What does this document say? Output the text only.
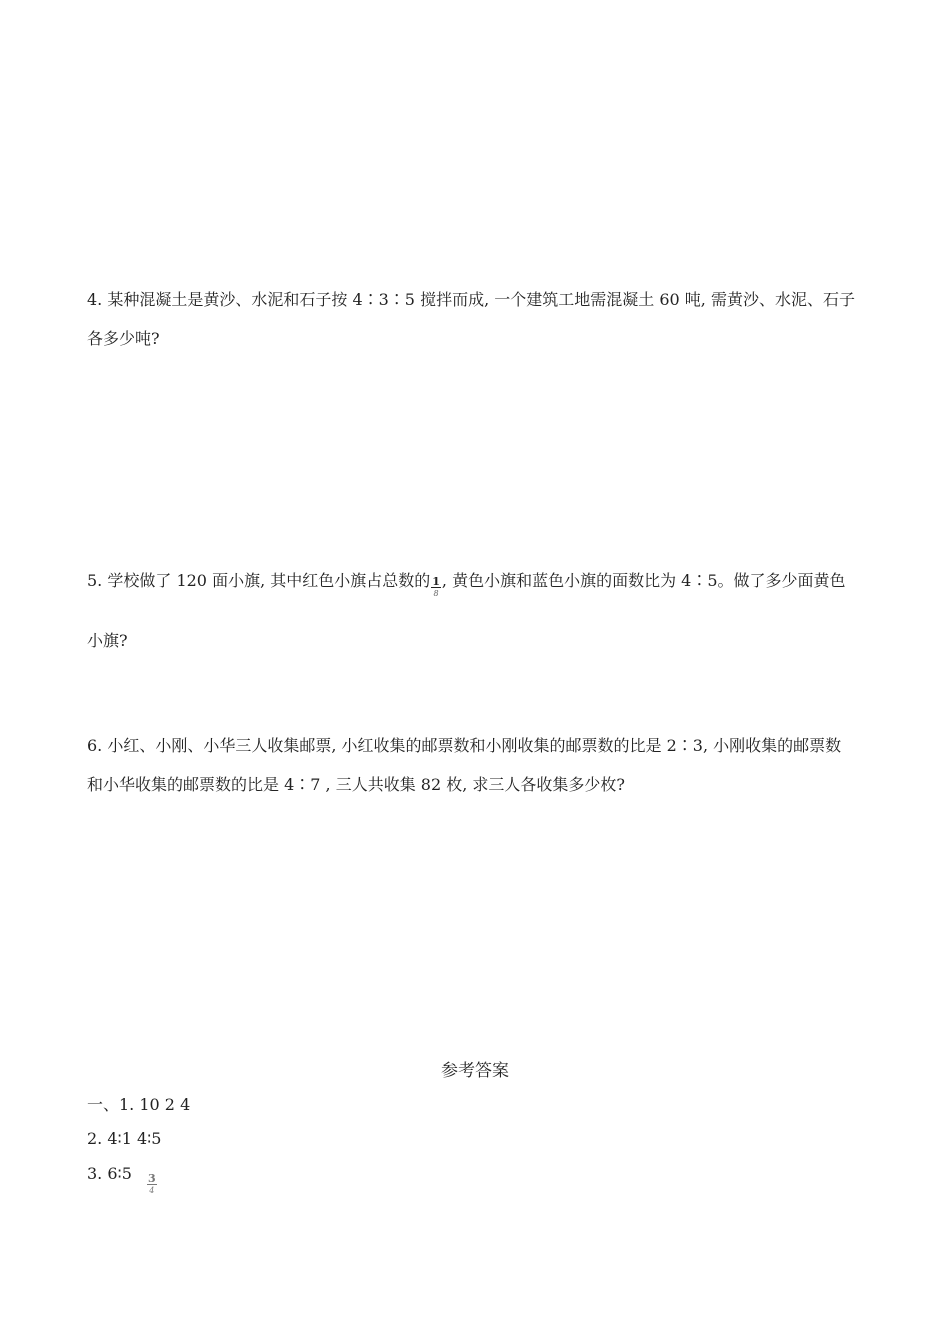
4. 某种混凝土是黄沙、水泥和石子按 4∶3∶5 搅拌而成, 一个建筑工地需混凝土 60 吨, 需黄沙、水泥、石子
各多少吨?
5. 学校做了 120 面小旗, 其中红色小旗占总数的 $\frac{1}{8}$ , 黄色小旗和蓝色小旗的面数比为 4∶5。做了多少面黄色
小旗?
6. 小红、小刚、小华三人收集邮票, 小红收集的邮票数和小刚收集的邮票数的比是 2∶3, 小刚收集的邮票数
和小华收集的邮票数的比是 4∶7 , 三人共收集 82 枚, 求三人各收集多少枚?
参考答案
一、1. 10 2 4
2. 4∶1 4∶5
3. 6∶5 $\frac{3}{4}$
